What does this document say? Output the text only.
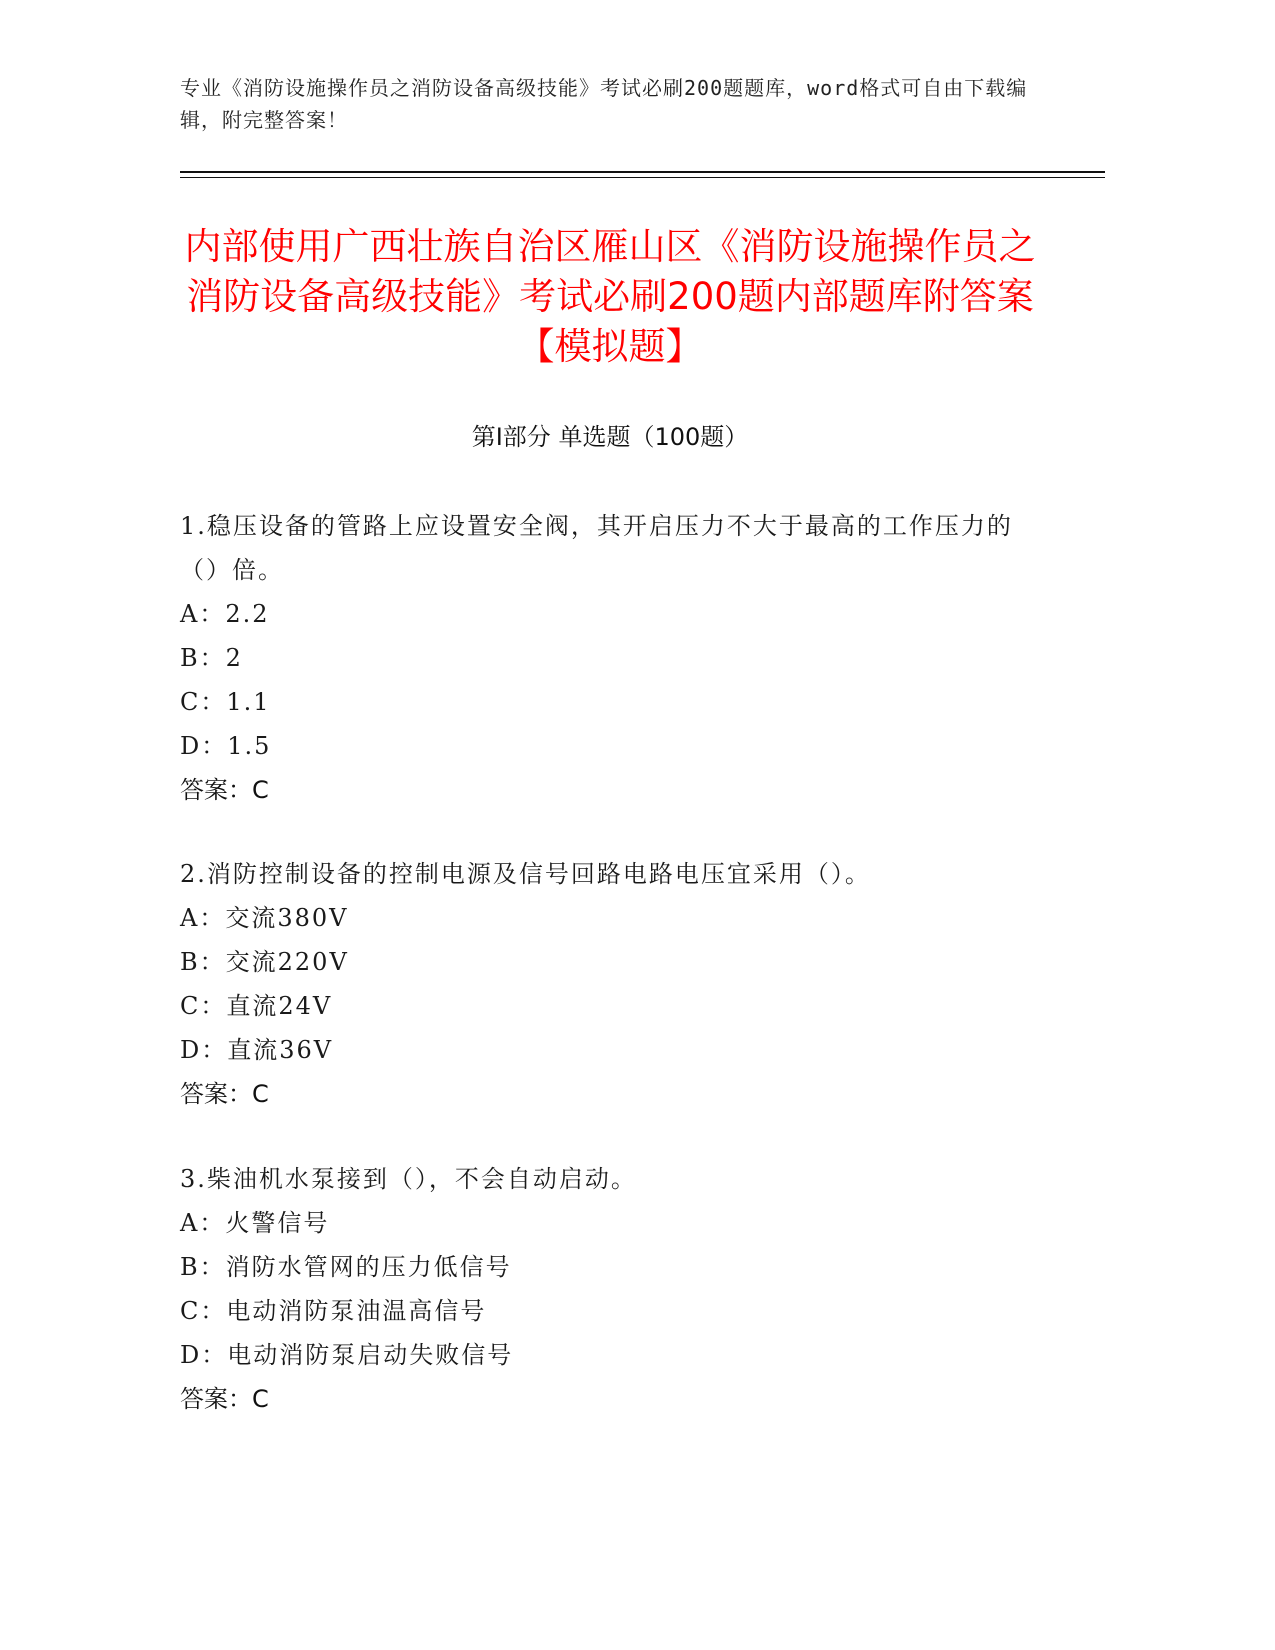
专业《消防设施操作员之消防设备高级技能》考试必刷200题题库，word格式可自由下载编辑，附完整答案！
内部使用广西壮族自治区雁山区《消防设施操作员之消防设备高级技能》考试必刷200题内部题库附答案【模拟题】
第I部分 单选题（100题）
1.稳压设备的管路上应设置安全阀，其开启压力不大于最高的工作压力的（）倍。
A：2.2
B：2
C：1.1
D：1.5
答案：C
2.消防控制设备的控制电源及信号回路电路电压宜采用（）。
A：交流380V
B：交流220V
C：直流24V
D：直流36V
答案：C
3.柴油机水泵接到（），不会自动启动。
A：火警信号
B：消防水管网的压力低信号
C：电动消防泵油温高信号
D：电动消防泵启动失败信号
答案：C
